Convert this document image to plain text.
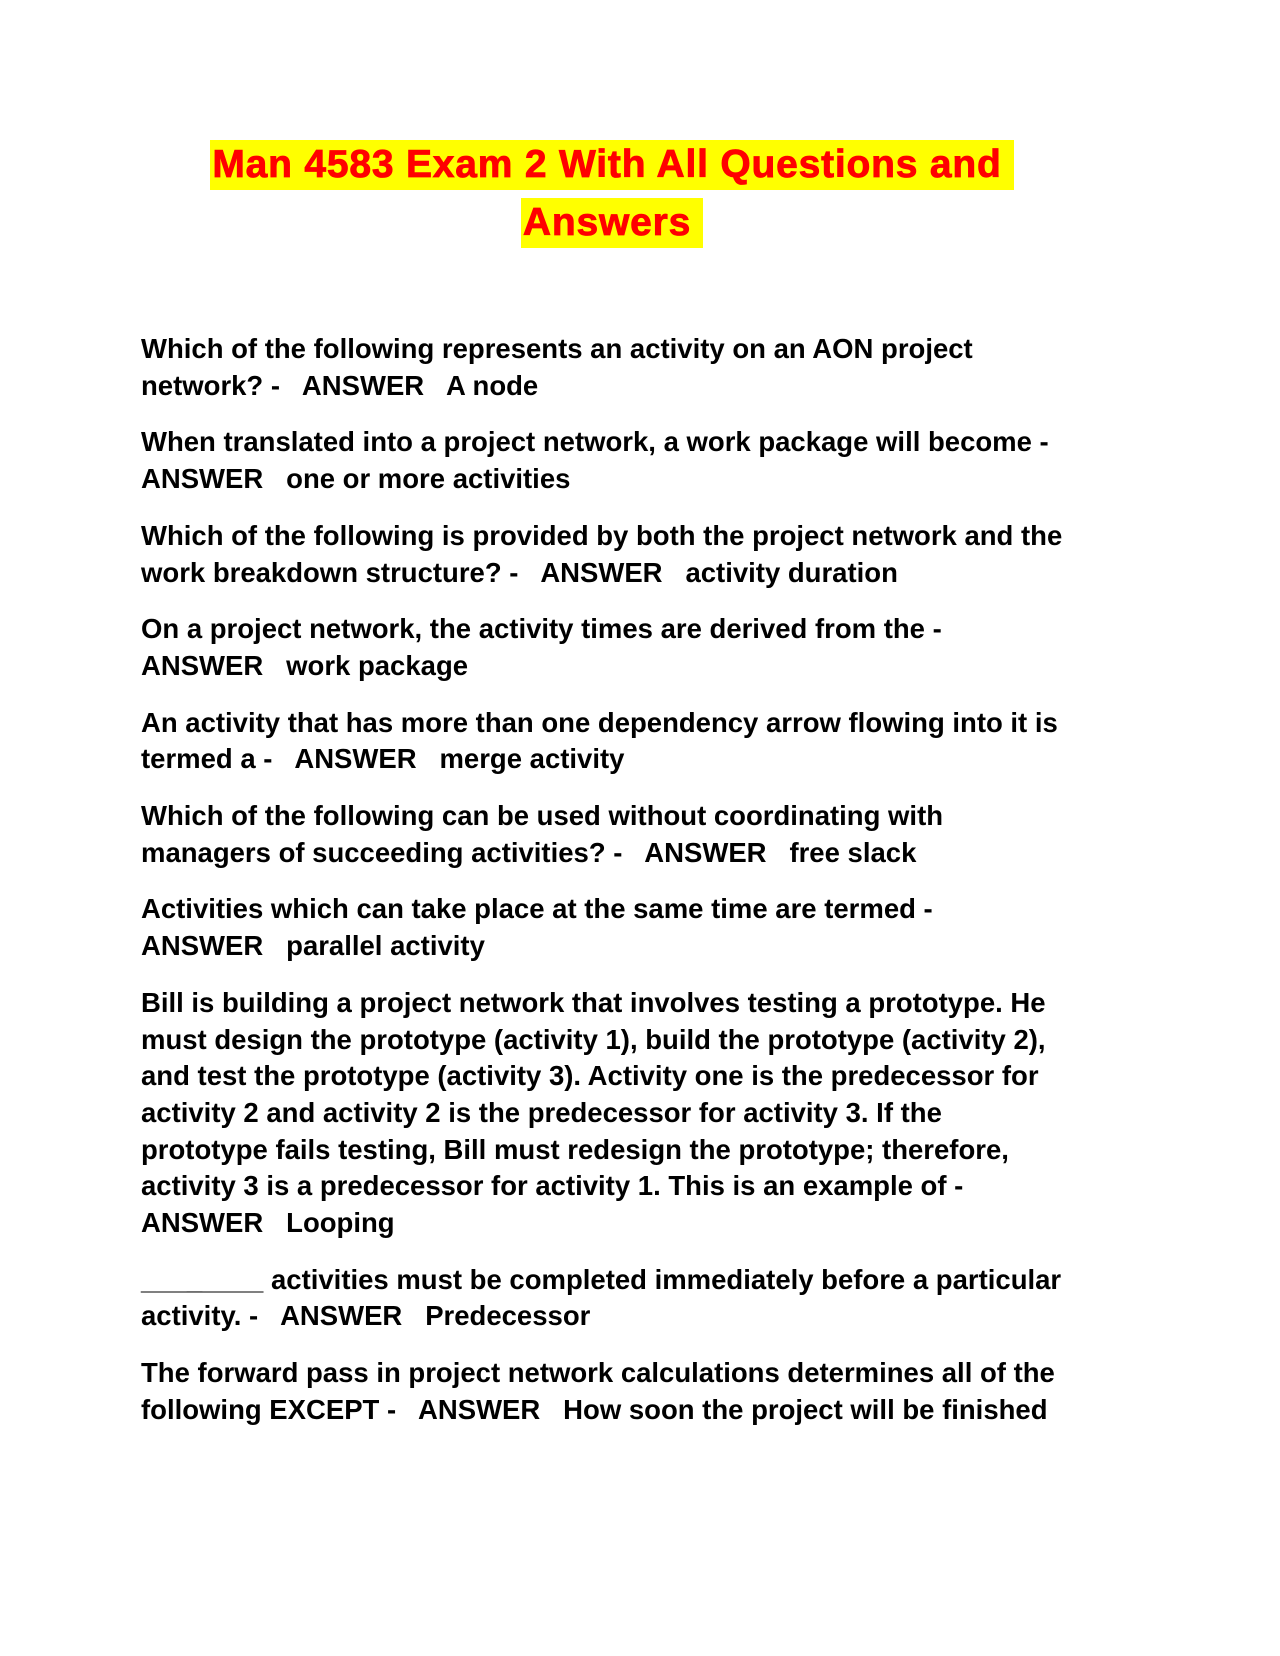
Man 4583 Exam 2 With All Questions and
Answers
Which of the following represents an activity on an AON project
network? -   ANSWER   A node
When translated into a project network, a work package will become -
ANSWER   one or more activities
Which of the following is provided by both the project network and the
work breakdown structure? -   ANSWER   activity duration
On a project network, the activity times are derived from the -
ANSWER   work package
An activity that has more than one dependency arrow flowing into it is
termed a -   ANSWER   merge activity
Which of the following can be used without coordinating with
managers of succeeding activities? -   ANSWER   free slack
Activities which can take place at the same time are termed -
ANSWER   parallel activity
Bill is building a project network that involves testing a prototype. He
must design the prototype (activity 1), build the prototype (activity 2),
and test the prototype (activity 3). Activity one is the predecessor for
activity 2 and activity 2 is the predecessor for activity 3. If the
prototype fails testing, Bill must redesign the prototype; therefore,
activity 3 is a predecessor for activity 1. This is an example of -
ANSWER   Looping
________ activities must be completed immediately before a particular
activity. -   ANSWER   Predecessor
The forward pass in project network calculations determines all of the
following EXCEPT -   ANSWER   How soon the project will be finished
